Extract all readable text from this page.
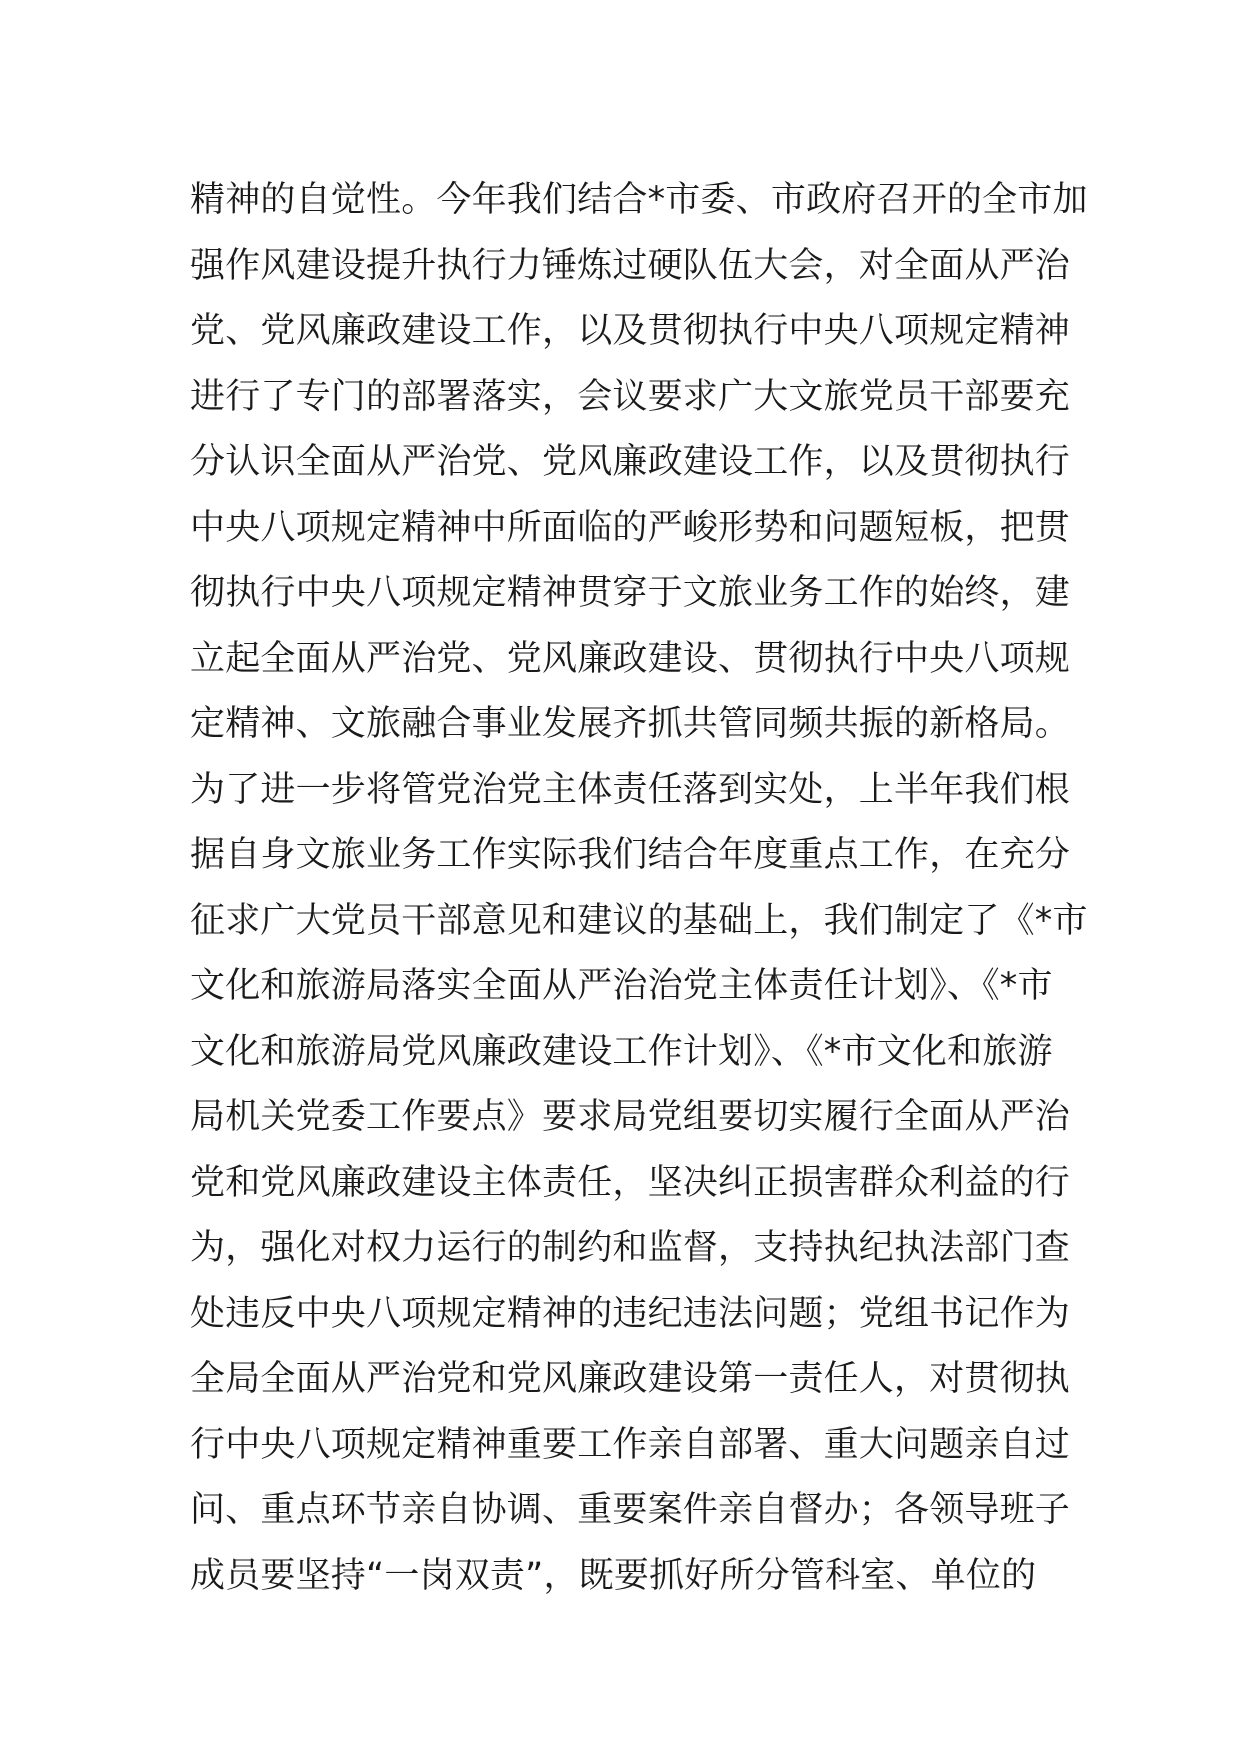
精神的自觉性。今年我们结合*市委、市政府召开的全市加
强作风建设提升执行力锤炼过硬队伍大会，对全面从严治
党、党风廉政建设工作，以及贯彻执行中央八项规定精神
进行了专门的部署落实，会议要求广大文旅党员干部要充
分认识全面从严治党、党风廉政建设工作，以及贯彻执行
中央八项规定精神中所面临的严峻形势和问题短板，把贯
彻执行中央八项规定精神贯穿于文旅业务工作的始终，建
立起全面从严治党、党风廉政建设、贯彻执行中央八项规
定精神、文旅融合事业发展齐抓共管同频共振的新格局。
为了进一步将管党治党主体责任落到实处，上半年我们根
据自身文旅业务工作实际我们结合年度重点工作，在充分
征求广大党员干部意见和建议的基础上，我们制定了《*市
文化和旅游局落实全面从严治治党主体责任计划》、《*市
文化和旅游局党风廉政建设工作计划》、《*市文化和旅游
局机关党委工作要点》要求局党组要切实履行全面从严治
党和党风廉政建设主体责任，坚决纠正损害群众利益的行
为，强化对权力运行的制约和监督，支持执纪执法部门查
处违反中央八项规定精神的违纪违法问题；党组书记作为
全局全面从严治党和党风廉政建设第一责任人，对贯彻执
行中央八项规定精神重要工作亲自部署、重大问题亲自过
问、重点环节亲自协调、重要案件亲自督办；各领导班子
成员要坚持“一岗双责”，既要抓好所分管科室、单位的
